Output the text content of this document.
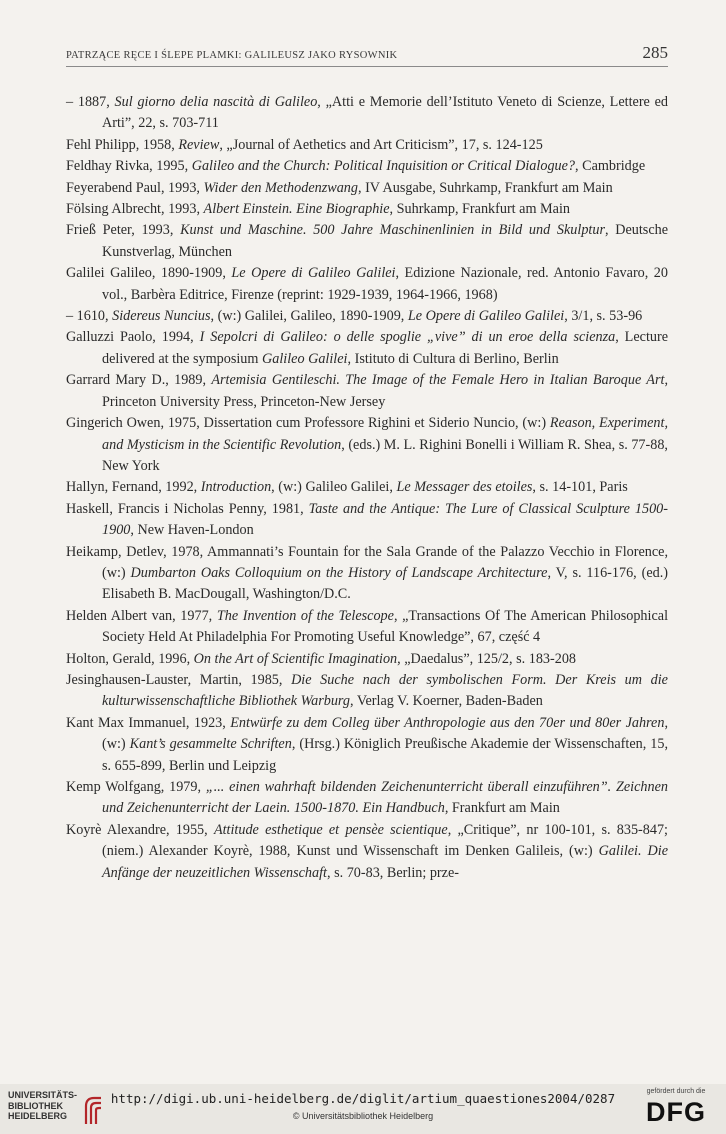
PATRZĄCE RĘCE I ŚLEPE PLAMKI: GALILEUSZ JAKO RYSOWNIK	285

– 1887, Sul giorno delia nascità di Galileo, „Atti e Memorie dell’Istituto Veneto di Scienze, Lettere ed Arti”, 22, s. 703-711

Fehl Philipp, 1958, Review, „Journal of Aethetics and Art Criticism”, 17, s. 124-125

Feldhay Rivka, 1995, Galileo and the Church: Political Inquisition or Critical Dialogue?, Cambridge

Feyerabend Paul, 1993, Wider den Methodenzwang, IV Ausgabe, Suhrkamp, Frankfurt am Main

Fölsing Albrecht, 1993, Albert Einstein. Eine Biographie, Suhrkamp, Frankfurt am Main

Frieß Peter, 1993, Kunst und Maschine. 500 Jahre Maschinenlinien in Bild und Skulptur, Deutsche Kunstverlag, München

Galilei Galileo, 1890-1909, Le Opere di Galileo Galilei, Edizione Nazionale, red. Antonio Favaro, 20 vol., Barbèra Editrice, Firenze (reprint: 1929-1939, 1964-1966, 1968)

– 1610, Sidereus Nuncius, (w:) Galilei, Galileo, 1890-1909, Le Opere di Galileo Galilei, 3/1, s. 53-96

Galluzzi Paolo, 1994, I Sepolcri di Galileo: o delle spoglie „vive” di un eroe della scienza, Lecture delivered at the symposium Galileo Galilei, Istituto di Cultura di Berlino, Berlin

Garrard Mary D., 1989, Artemisia Gentileschi. The Image of the Female Hero in Italian Baroque Art, Princeton University Press, Princeton-New Jersey

Gingerich Owen, 1975, Dissertation cum Professore Righini et Siderio Nuncio, (w:) Reason, Experiment, and Mysticism in the Scientific Revolution, (eds.) M. L. Righini Bonelli i William R. Shea, s. 77-88, New York

Hallyn, Fernand, 1992, Introduction, (w:) Galileo Galilei, Le Messager des etoiles, s. 14-101, Paris

Haskell, Francis i Nicholas Penny, 1981, Taste and the Antique: The Lure of Classical Sculpture 1500-1900, New Haven-London

Heikamp, Detlev, 1978, Ammannati’s Fountain for the Sala Grande of the Palazzo Vecchio in Florence, (w:) Dumbarton Oaks Colloquium on the History of Landscape Architecture, V, s. 116-176, (ed.) Elisabeth B. MacDougall, Washington/D.C.

Helden Albert van, 1977, The Invention of the Telescope, „Transactions Of The American Philosophical Society Held At Philadelphia For Promoting Useful Knowledge”, 67, część 4

Holton, Gerald, 1996, On the Art of Scientific Imagination, „Daedalus”, 125/2, s. 183-208

Jesinghausen-Lauster, Martin, 1985, Die Suche nach der symbolischen Form. Der Kreis um die kulturwissenschaftliche Bibliothek Warburg, Verlag V. Koerner, Baden-Baden

Kant Max Immanuel, 1923, Entwürfe zu dem Colleg über Anthropologie aus den 70er und 80er Jahren, (w:) Kant’s gesammelte Schriften, (Hrsg.) Königlich Preußische Akademie der Wissenschaften, 15, s. 655-899, Berlin und Leipzig

Kemp Wolfgang, 1979, „... einen wahrhaft bildenden Zeichenunterricht überall einzuführen”. Zeichnen und Zeichenunterricht der Laein. 1500-1870. Ein Handbuch, Frankfurt am Main

Koyrè Alexandre, 1955, Attitude esthetique et pensèe scientique, „Critique”, nr 100-101, s. 835-847; (niem.) Alexander Koyrè, 1988, Kunst und Wissenschaft im Denken Galileis, (w:) Galilei. Die Anfänge der neuzeitlichen Wissenschaft, s. 70-83, Berlin; prze-

UNIVERSITÄTS-
BIBLIOTHEK
HEIDELBERG
http://digi.ub.uni-heidelberg.de/diglit/artium_quaestiones2004/0287
© Universitätsbibliothek Heidelberg
gefördert durch die
DFG
